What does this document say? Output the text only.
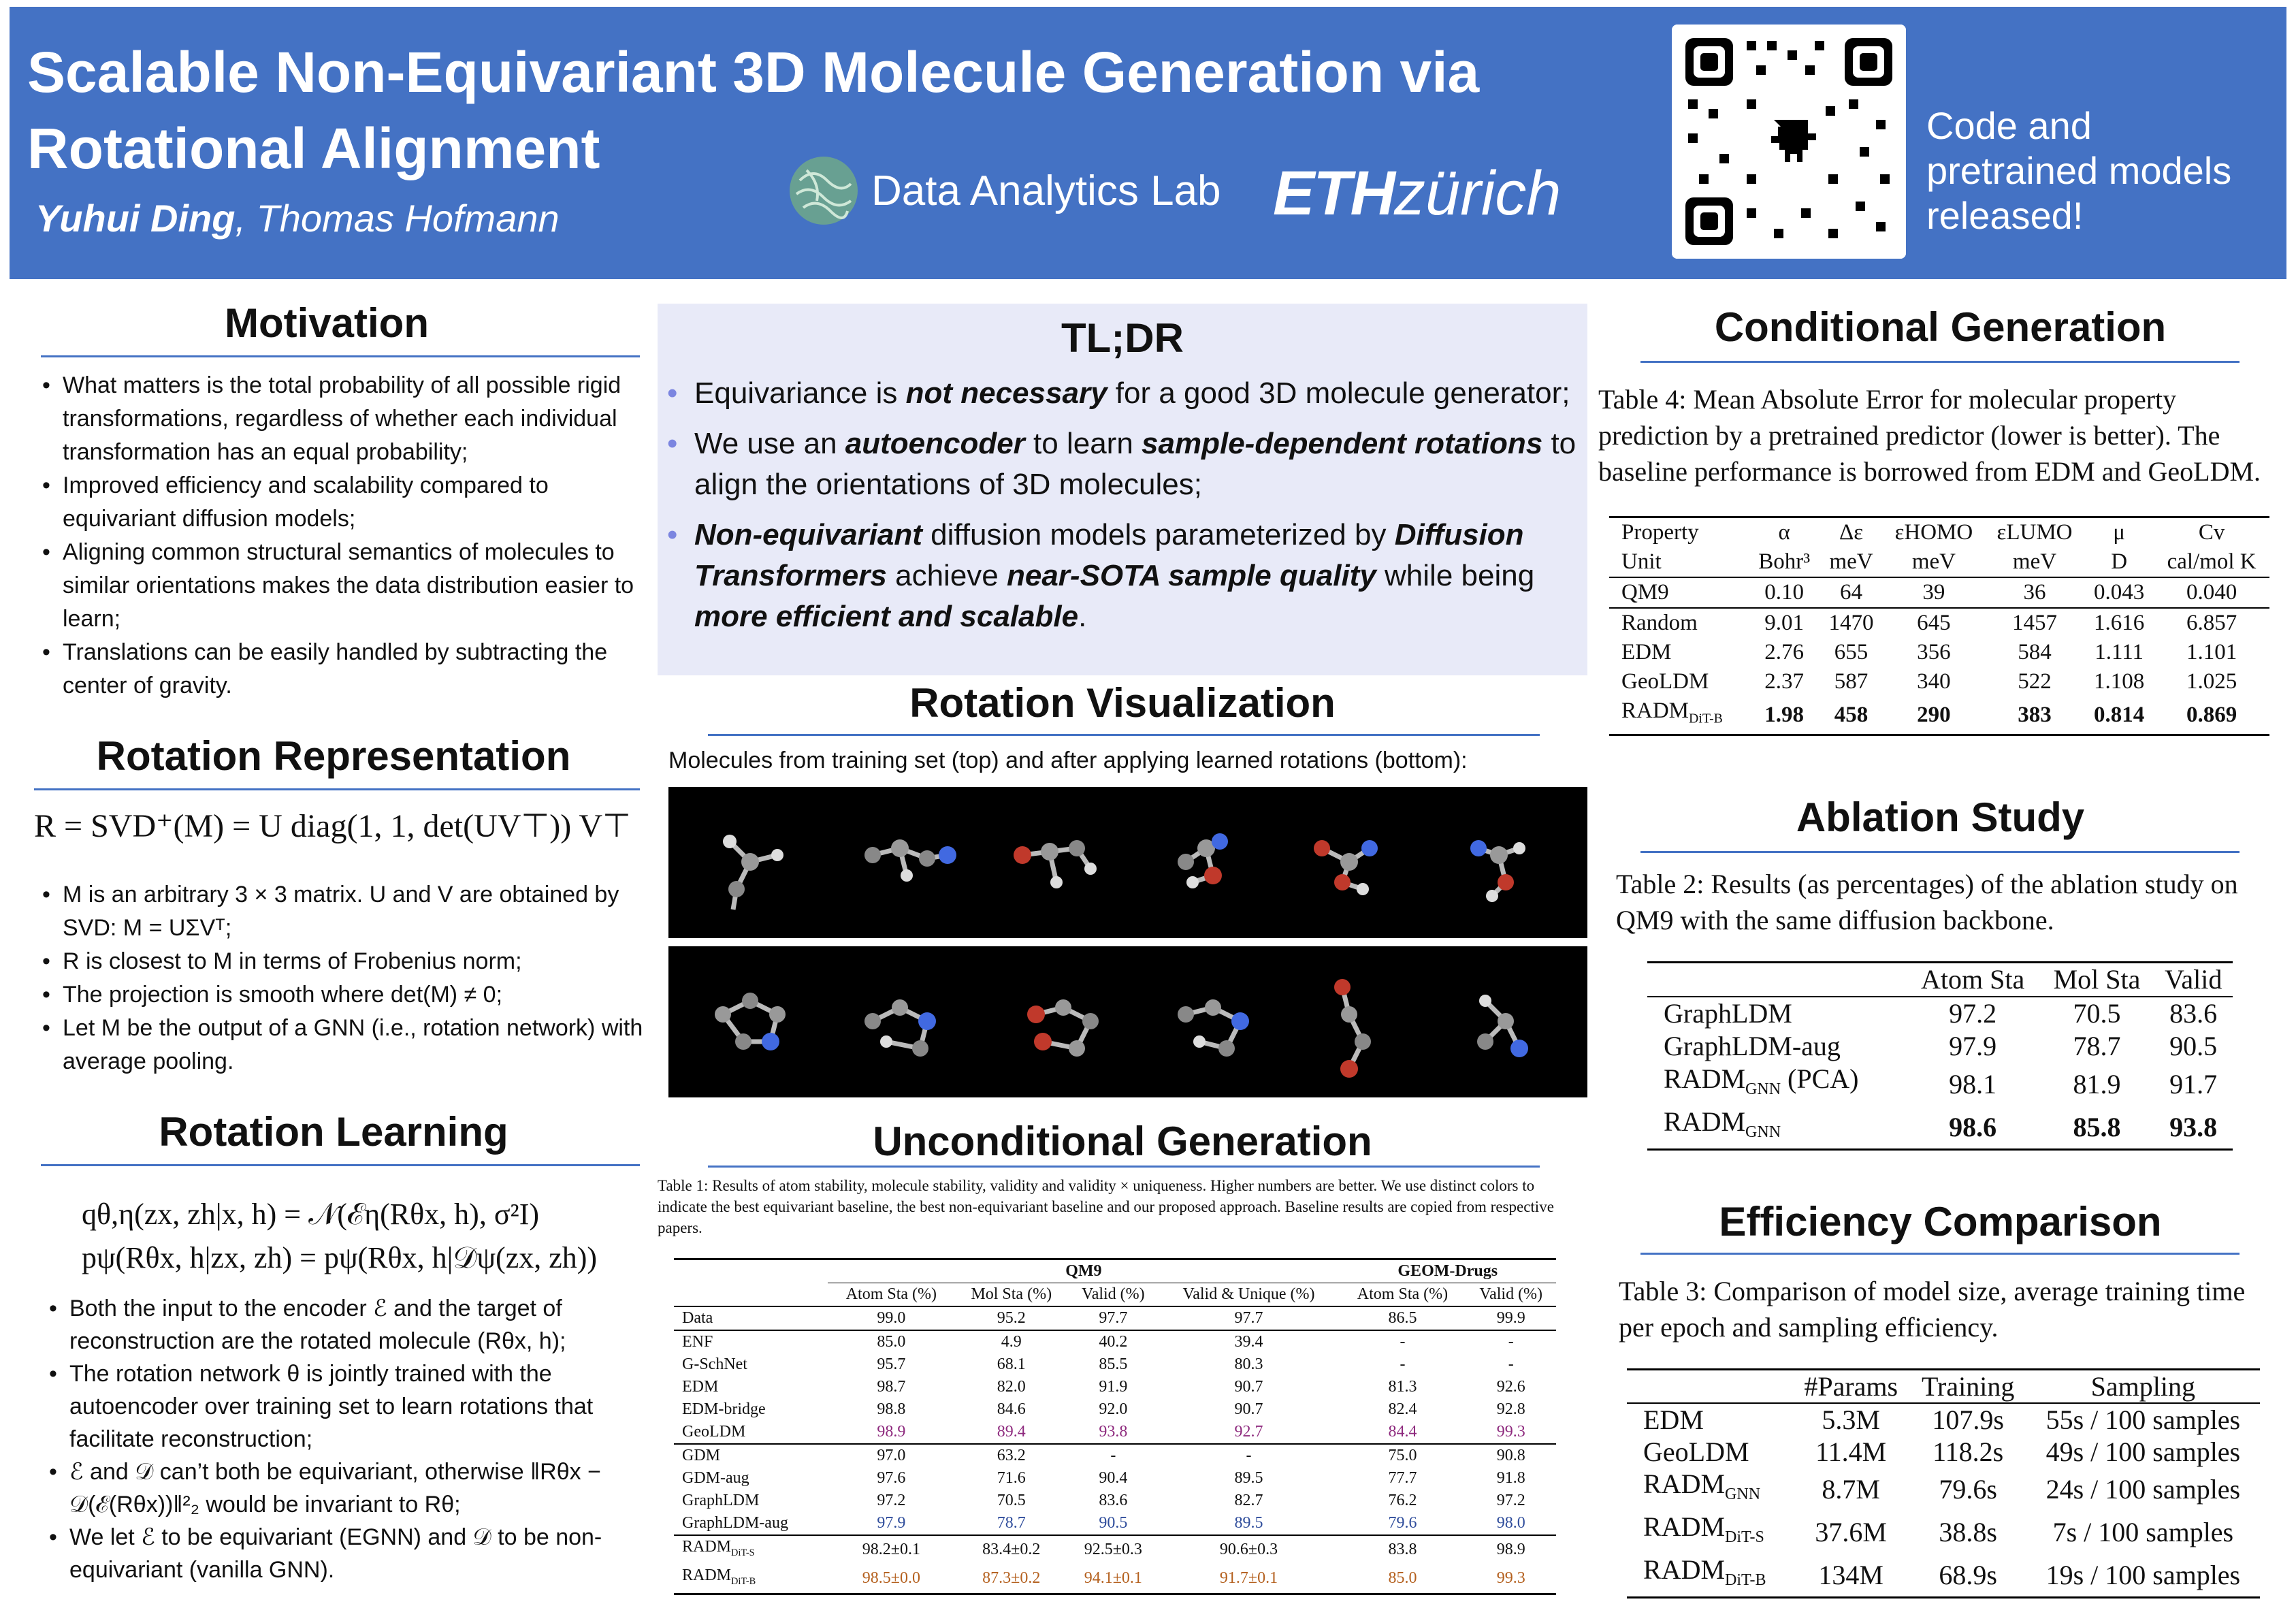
Scalable Non-Equivariant 3D Molecule Generation via Rotational Alignment
Yuhui Ding, Thomas Hofmann
Data Analytics Lab ETHzürich
Code and pretrained models released!
Motivation
• What matters is the total probability of all possible rigid transformations, regardless of whether each individual transformation has an equal probability;
• Improved efficiency and scalability compared to equivariant diffusion models;
• Aligning common structural semantics of molecules to similar orientations makes the data distribution easier to learn;
• Translations can be easily handled by subtracting the center of gravity.
Rotation Representation
R = SVD⁺(M) = U diag(1, 1, det(UV⊤)) V⊤
• M is an arbitrary 3 × 3 matrix. U and V are obtained by SVD: M = UΣVᵀ;
• R is closest to M in terms of Frobenius norm;
• The projection is smooth where det(M) ≠ 0;
• Let M be the output of a GNN (i.e., rotation network) with average pooling.
Rotation Learning
qθ,η(zx, zh|x, h) = 𝒩(ℰη(Rθx, h), σ²I)
pψ(Rθx, h|zx, zh) = pψ(Rθx, h|𝒟ψ(zx, zh))
• Both the input to the encoder ℰ and the target of reconstruction are the rotated molecule (Rθx, h);
• The rotation network θ is jointly trained with the autoencoder over training set to learn rotations that facilitate reconstruction;
• ℰ and 𝒟 can’t both be equivariant, otherwise ‖Rθx − 𝒟(ℰ(Rθx))‖²₂ would be invariant to Rθ;
• We let ℰ to be equivariant (EGNN) and 𝒟 to be non-equivariant (vanilla GNN).
TL;DR
• Equivariance is not necessary for a good 3D molecule generator;
• We use an autoencoder to learn sample-dependent rotations to align the orientations of 3D molecules;
• Non-equivariant diffusion models parameterized by Diffusion Transformers achieve near-SOTA sample quality while being more efficient and scalable.
Rotation Visualization
Molecules from training set (top) and after applying learned rotations (bottom):
Unconditional Generation
Table 1: Results of atom stability, molecule stability, validity and validity × uniqueness. Higher numbers are better. We use distinct colors to indicate the best equivariant baseline, the best non-equivariant baseline and our proposed approach. Baseline results are copied from respective papers.
	QM9				GEOM-Drugs	
	Atom Sta (%)	Mol Sta (%)	Valid (%)	Valid & Unique (%)	Atom Sta (%)	Valid (%)
Data	99.0	95.2	97.7	97.7	86.5	99.9
ENF	85.0	4.9	40.2	39.4	-	-
G-SchNet	95.7	68.1	85.5	80.3	-	-
EDM	98.7	82.0	91.9	90.7	81.3	92.6
EDM-bridge	98.8	84.6	92.0	90.7	82.4	92.8
GeoLDM	98.9	89.4	93.8	92.7	84.4	99.3
GDM	97.0	63.2	-	-	75.0	90.8
GDM-aug	97.6	71.6	90.4	89.5	77.7	91.8
GraphLDM	97.2	70.5	83.6	82.7	76.2	97.2
GraphLDM-aug	97.9	78.7	90.5	89.5	79.6	98.0
$RADM_{DiT-S}$	98.2±0.1	83.4±0.2	92.5±0.3	90.6±0.3	83.8	98.9
$RADM_{DiT-B}$	98.5±0.0	87.3±0.2	94.1±0.1	91.7±0.1	85.0	99.3
Conditional Generation
Table 4: Mean Absolute Error for molecular property prediction by a pretrained predictor (lower is better). The baseline performance is borrowed from EDM and GeoLDM.
Property	α	Δε	εHOMO	εLUMO	μ	Cv
Unit	Bohr³	meV	meV	meV	D	cal/mol K
QM9	0.10	64	39	36	0.043	0.040
Random	9.01	1470	645	1457	1.616	6.857
EDM	2.76	655	356	584	1.111	1.101
GeoLDM	2.37	587	340	522	1.108	1.025
$RADM_{DiT-B}$	1.98	458	290	383	0.814	0.869
Ablation Study
Table 2: Results (as percentages) of the ablation study on QM9 with the same diffusion backbone.
	Atom Sta	Mol Sta	Valid
GraphLDM	97.2	70.5	83.6
GraphLDM-aug	97.9	78.7	90.5
$RADM_{GNN}$ (PCA)	98.1	81.9	91.7
$RADM_{GNN}$	98.6	85.8	93.8
Efficiency Comparison
Table 3: Comparison of model size, average training time per epoch and sampling efficiency.
	#Params	Training	Sampling
EDM	5.3M	107.9s	55s / 100 samples
GeoLDM	11.4M	118.2s	49s / 100 samples
$RADM_{GNN}$	8.7M	79.6s	24s / 100 samples
$RADM_{DiT-S}$	37.6M	38.8s	7s / 100 samples
$RADM_{DiT-B}$	134M	68.9s	19s / 100 samples
